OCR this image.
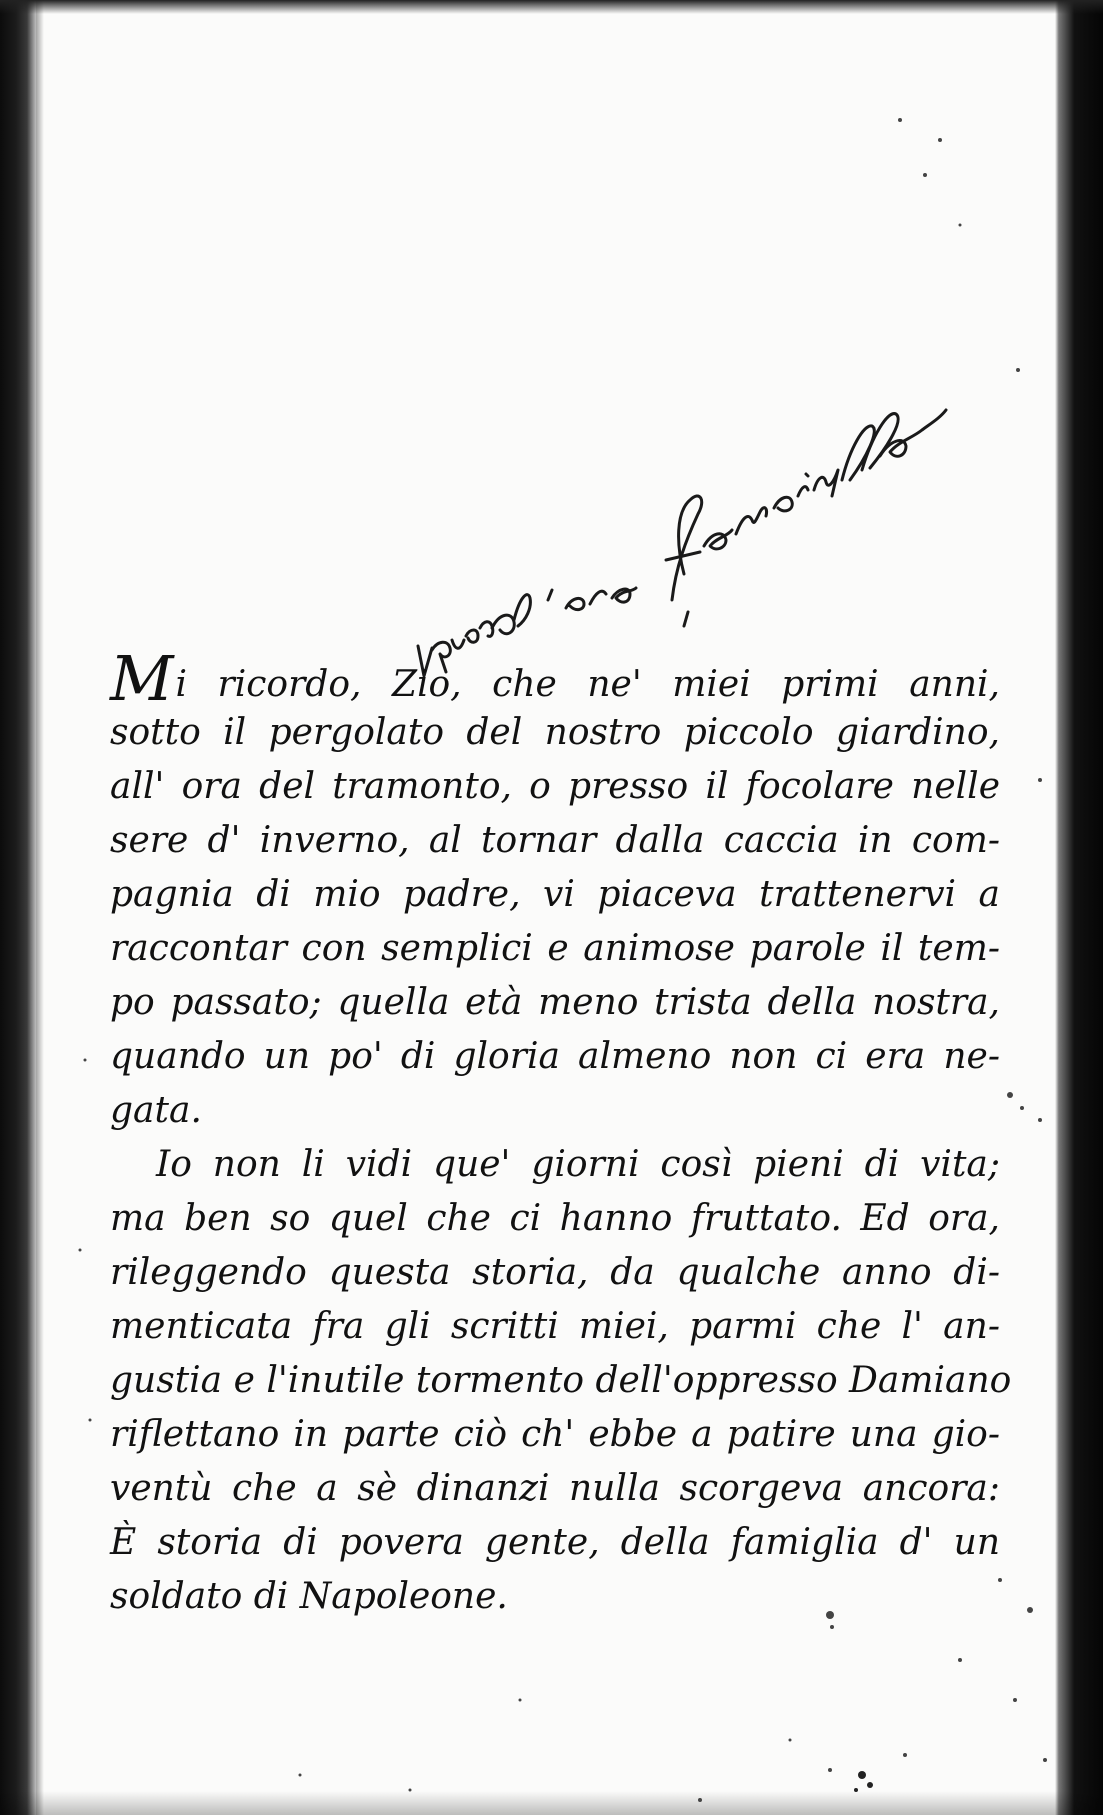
Mi ricordo, Zio, che ne' miei primi anni,
sotto il pergolato del nostro piccolo giardino,
all' ora del tramonto, o presso il focolare nelle
sere d' inverno, al tornar dalla caccia in com-
pagnia di mio padre, vi piaceva trattenervi a
raccontar con semplici e animose parole il tem-
po passato; quella età meno trista della nostra,
quando un po' di gloria almeno non ci era ne-
gata.
Io non li vidi que' giorni così pieni di vita;
ma ben so quel che ci hanno fruttato. Ed ora,
rileggendo questa storia, da qualche anno di-
menticata fra gli scritti miei, parmi che l' an-
gustia e l'inutile tormento dell'oppresso Damiano
riflettano in parte ciò ch' ebbe a patire una gio-
ventù che a sè dinanzi nulla scorgeva ancora:
È storia di povera gente, della famiglia d' un
soldato di Napoleone.
